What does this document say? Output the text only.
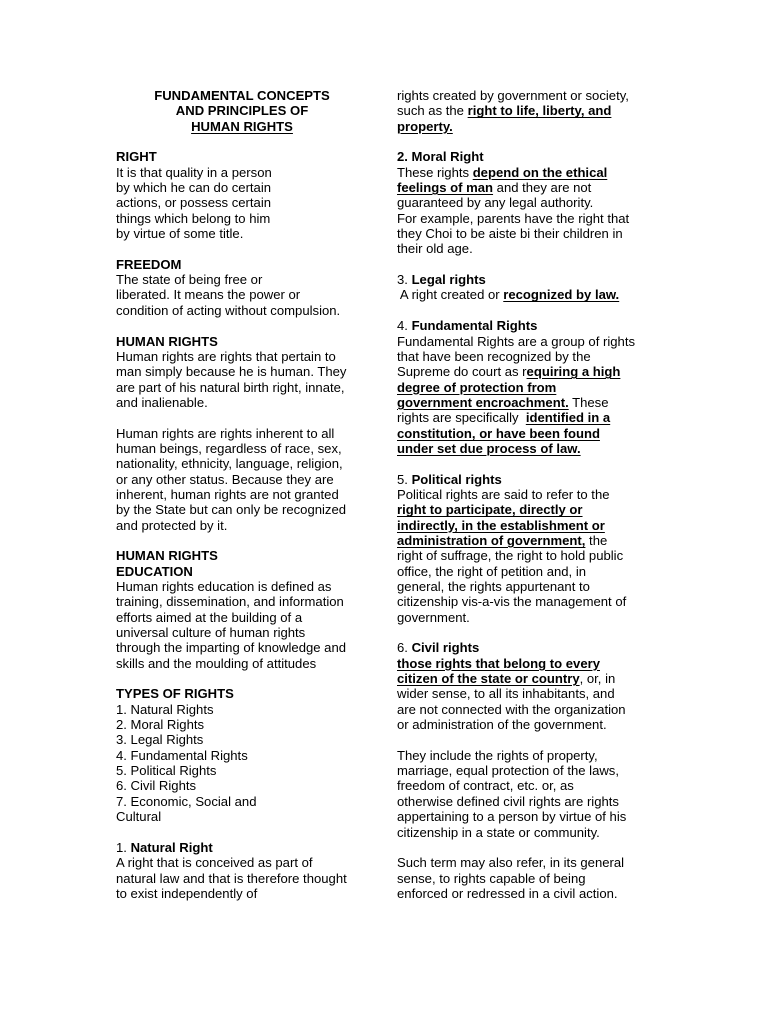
FUNDAMENTAL CONCEPTS
AND PRINCIPLES OF
HUMAN RIGHTS
RIGHT
It is that quality in a person
by which he can do certain
actions, or possess certain
things which belong to him
by virtue of some title.
FREEDOM
The state of being free or
liberated. It means the power or
condition of acting without compulsion.
HUMAN RIGHTS
Human rights are rights that pertain to
man simply because he is human. They
are part of his natural birth right, innate,
and inalienable.
Human rights are rights inherent to all
human beings, regardless of race, sex,
nationality, ethnicity, language, religion,
or any other status. Because they are
inherent, human rights are not granted
by the State but can only be recognized
and protected by it.
HUMAN RIGHTS
EDUCATION
Human rights education is defined as
training, dissemination, and information
efforts aimed at the building of a
universal culture of human rights
through the imparting of knowledge and
skills and the moulding of attitudes
TYPES OF RIGHTS
1. Natural Rights
2. Moral Rights
3. Legal Rights
4. Fundamental Rights
5. Political Rights
6. Civil Rights
7. Economic, Social and
Cultural
1. Natural Right
A right that is conceived as part of
natural law and that is therefore thought
to exist independently of
rights created by government or society,
such as the right to life, liberty, and
property.
2. Moral Right
These rights depend on the ethical
feelings of man and they are not
guaranteed by any legal authority.
For example, parents have the right that
they Choi to be aiste bi their children in
their old age.
3. Legal rights
A right created or recognized by law.
4. Fundamental Rights
Fundamental Rights are a group of rights
that have been recognized by the
Supreme do court as requiring a high
degree of protection from
government encroachment. These
rights are specifically  identified in a
constitution, or have been found
under set due process of law.
5. Political rights
Political rights are said to refer to the
right to participate, directly or
indirectly, in the establishment or
administration of government, the
right of suffrage, the right to hold public
office, the right of petition and, in
general, the rights appurtenant to
citizenship vis-a-vis the management of
government.
6. Civil rights
those rights that belong to every
citizen of the state or country, or, in
wider sense, to all its inhabitants, and
are not connected with the organization
or administration of the government.
They include the rights of property,
marriage, equal protection of the laws,
freedom of contract, etc. or, as
otherwise defined civil rights are rights
appertaining to a person by virtue of his
citizenship in a state or community.
Such term may also refer, in its general
sense, to rights capable of being
enforced or redressed in a civil action.
